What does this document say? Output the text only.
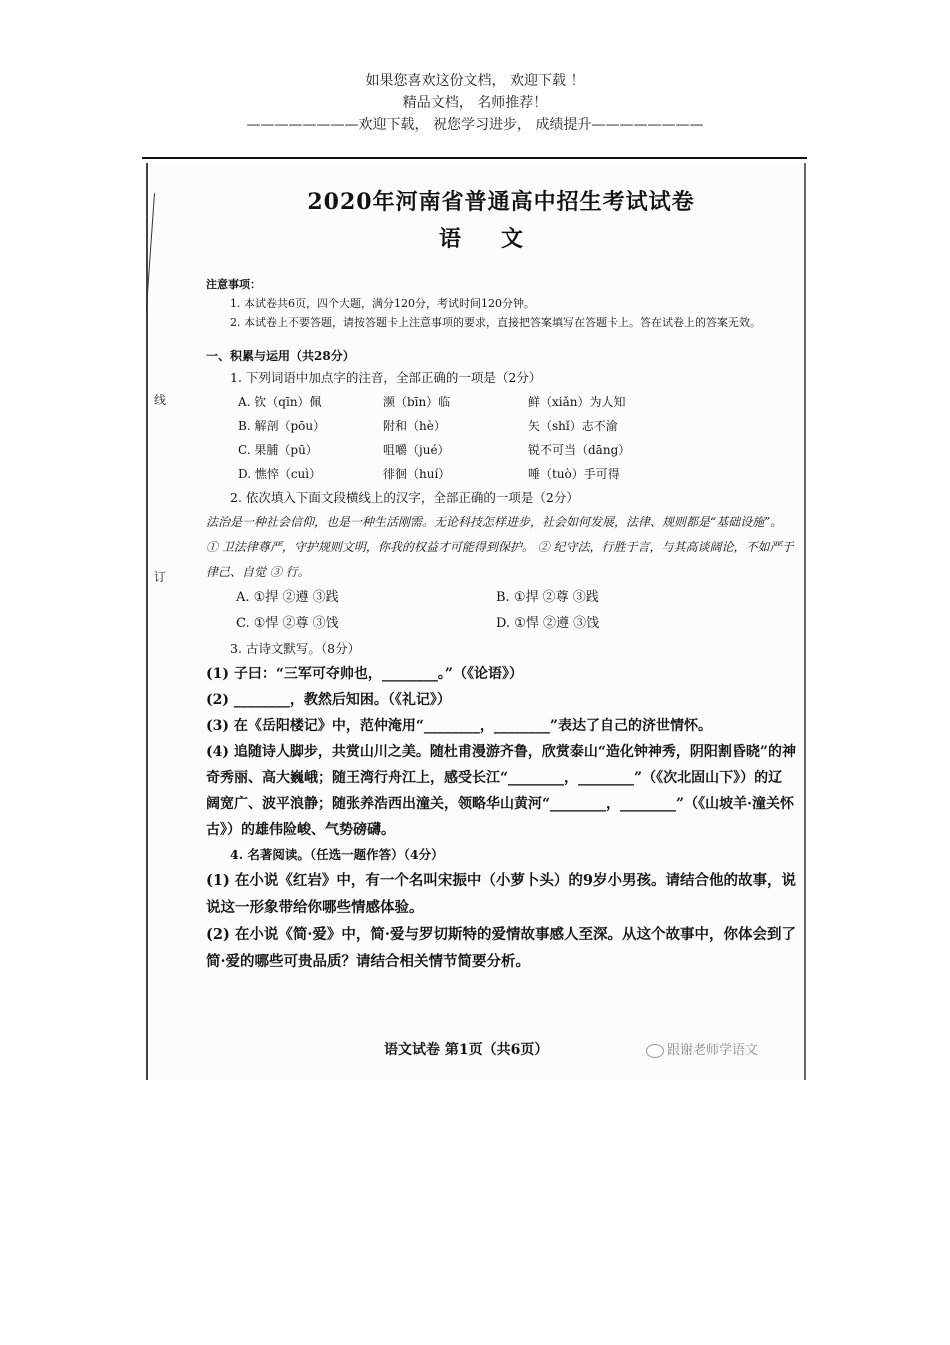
如果您喜欢这份文档， 欢迎下载 ！
精品文档， 名师推荐！
————————欢迎下载， 祝您学习进步， 成绩提升————————
线
订
2020年河南省普通高中招生考试试卷
语文
注意事项：
1. 本试卷共6页，四个大题，满分120分，考试时间120分钟。
2. 本试卷上不要答题，请按答题卡上注意事项的要求，直接把答案填写在答题卡上。答在试卷上的答案无效。
一、积累与运用（共28分）
1. 下列词语中加点字的注音，全部正确的一项是（2分）
A. 钦（qīn）佩	濒（bīn）临	鲜（xiǎn）为人知
B. 解剖（pōu）	附和（hè）	矢（shǐ）志不渝
C. 果脯（pū）	咀嚼（jué）	锐不可当（dāng）
D. 憔悴（cuì）	徘徊（huí）	唾（tuò）手可得
2. 依次填入下面文段横线上的汉字，全部正确的一项是（2分）
法治是一种社会信仰，也是一种生活刚需。无论科技怎样进步，社会如何发展，法律、规则都是“基础设施”。 ① 卫法律尊严，守护规则文明，你我的权益才可能得到保护。 ② 纪守法，行胜于言，与其高谈阔论，不如严于律己、自觉 ③ 行。
A. ①捍 ②遵 ③践	B. ①捍 ②尊 ③践
C. ①悍 ②尊 ③饯	D. ①悍 ②遵 ③饯
3. 古诗文默写。（8分）
(1) 子曰：“三军可夺帅也，________。”（《论语》）
(2) ________，教然后知困。（《礼记》）
(3) 在《岳阳楼记》中，范仲淹用“________，________”表达了自己的济世情怀。
(4) 追随诗人脚步，共赏山川之美。随杜甫漫游齐鲁，欣赏泰山“造化钟神秀，阴阳割昏晓”的神奇秀丽、高大巍峨；随王湾行舟江上，感受长江“________，________”（《次北固山下》）的辽阔宽广、波平浪静；随张养浩西出潼关，领略华山黄河“________，________”（《山坡羊·潼关怀古》）的雄伟险峻、气势磅礴。
4. 名著阅读。（任选一题作答）（4分）
(1) 在小说《红岩》中，有一个名叫宋振中（小萝卜头）的9岁小男孩。请结合他的故事，说说这一形象带给你哪些情感体验。
(2) 在小说《简·爱》中，简·爱与罗切斯特的爱情故事感人至深。从这个故事中，你体会到了简·爱的哪些可贵品质？请结合相关情节简要分析。
语文试卷 第1页（共6页）	跟谢老师学语文
